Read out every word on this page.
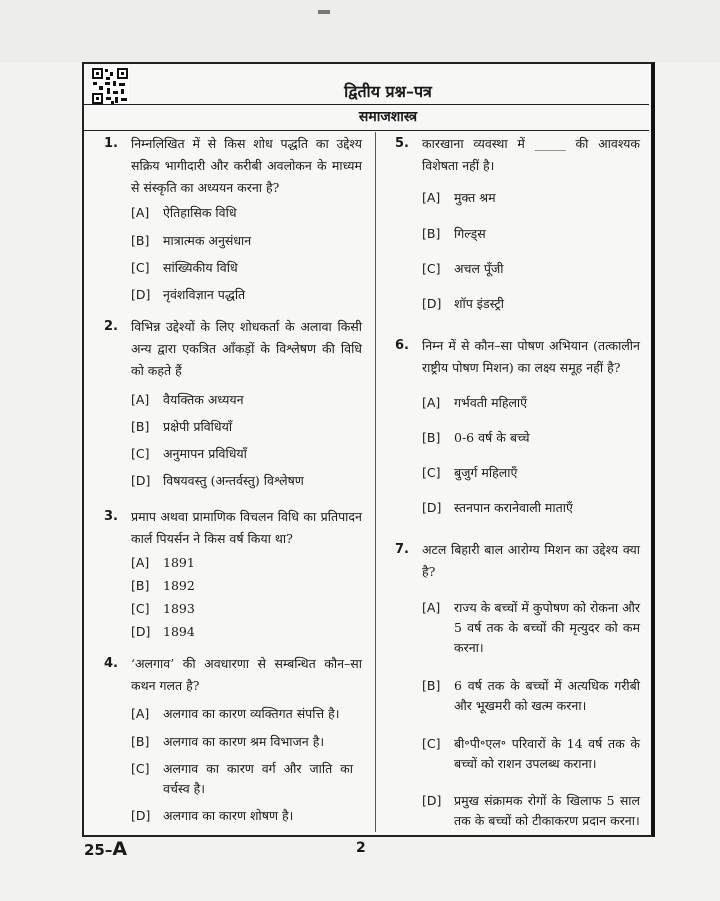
द्वितीय प्रश्न–पत्र
समाजशास्त्र
1. निम्नलिखित में से किस शोध पद्धति का उद्देश्य सक्रिय भागीदारी और करीबी अवलोकन के माध्यम से संस्कृति का अध्ययन करना है?
[A] ऐतिहासिक विधि
[B] मात्रात्मक अनुसंधान
[C] सांख्यिकीय विधि
[D] नृवंशविज्ञान पद्धति
2. विभिन्न उद्देश्यों के लिए शोधकर्ता के अलावा किसी अन्य द्वारा एकत्रित आँकड़ों के विश्लेषण की विधि को कहते हैं
[A] वैयक्तिक अध्ययन
[B] प्रक्षेपी प्रविधियाँ
[C] अनुमापन प्रविधियाँ
[D] विषयवस्तु (अन्तर्वस्तु) विश्लेषण
3. प्रमाप अथवा प्रामाणिक विचलन विधि का प्रतिपादन कार्ल पियर्सन ने किस वर्ष किया था?
[A] 1891
[B] 1892
[C] 1893
[D] 1894
4. ‘अलगाव’ की अवधारणा से सम्बन्धित कौन–सा कथन गलत है?
[A] अलगाव का कारण व्यक्तिगत संपत्ति है।
[B] अलगाव का कारण श्रम विभाजन है।
[C]	अलगाव का कारण वर्ग और जाति का वर्चस्व है।
[D] अलगाव का कारण शोषण है।
5. कारखाना व्यवस्था में _____ की आवश्यक विशेषता नहीं है।
[A] मुक्त श्रम
[B] गिल्ड्स
[C] अचल पूँजी
[D] शॉप इंडस्ट्री
6. निम्न में से कौन–सा पोषण अभियान (तत्कालीन राष्ट्रीय पोषण मिशन) का लक्ष्य समूह नहीं है?
[A] गर्भवती महिलाएँ
[B] 0-6 वर्ष के बच्चे
[C] बुजुर्ग महिलाएँ
[D] स्तनपान करानेवाली माताएँ
7. अटल बिहारी बाल आरोग्य मिशन का उद्देश्य क्या है?
[A]	राज्य के बच्चों में कुपोषण को रोकना और 5 वर्ष तक के बच्चों की मृत्युदर को कम करना।
[B]	6 वर्ष तक के बच्चों में अत्यधिक गरीबी और भूखमरी को खत्म करना।
[C]	बी॰पी॰एल॰ परिवारों के 14 वर्ष तक के बच्चों को राशन उपलब्ध कराना।
[D]	प्रमुख संक्रामक रोगों के खिलाफ 5 साल तक के बच्चों को टीकाकरण प्रदान करना।
25–A	2
